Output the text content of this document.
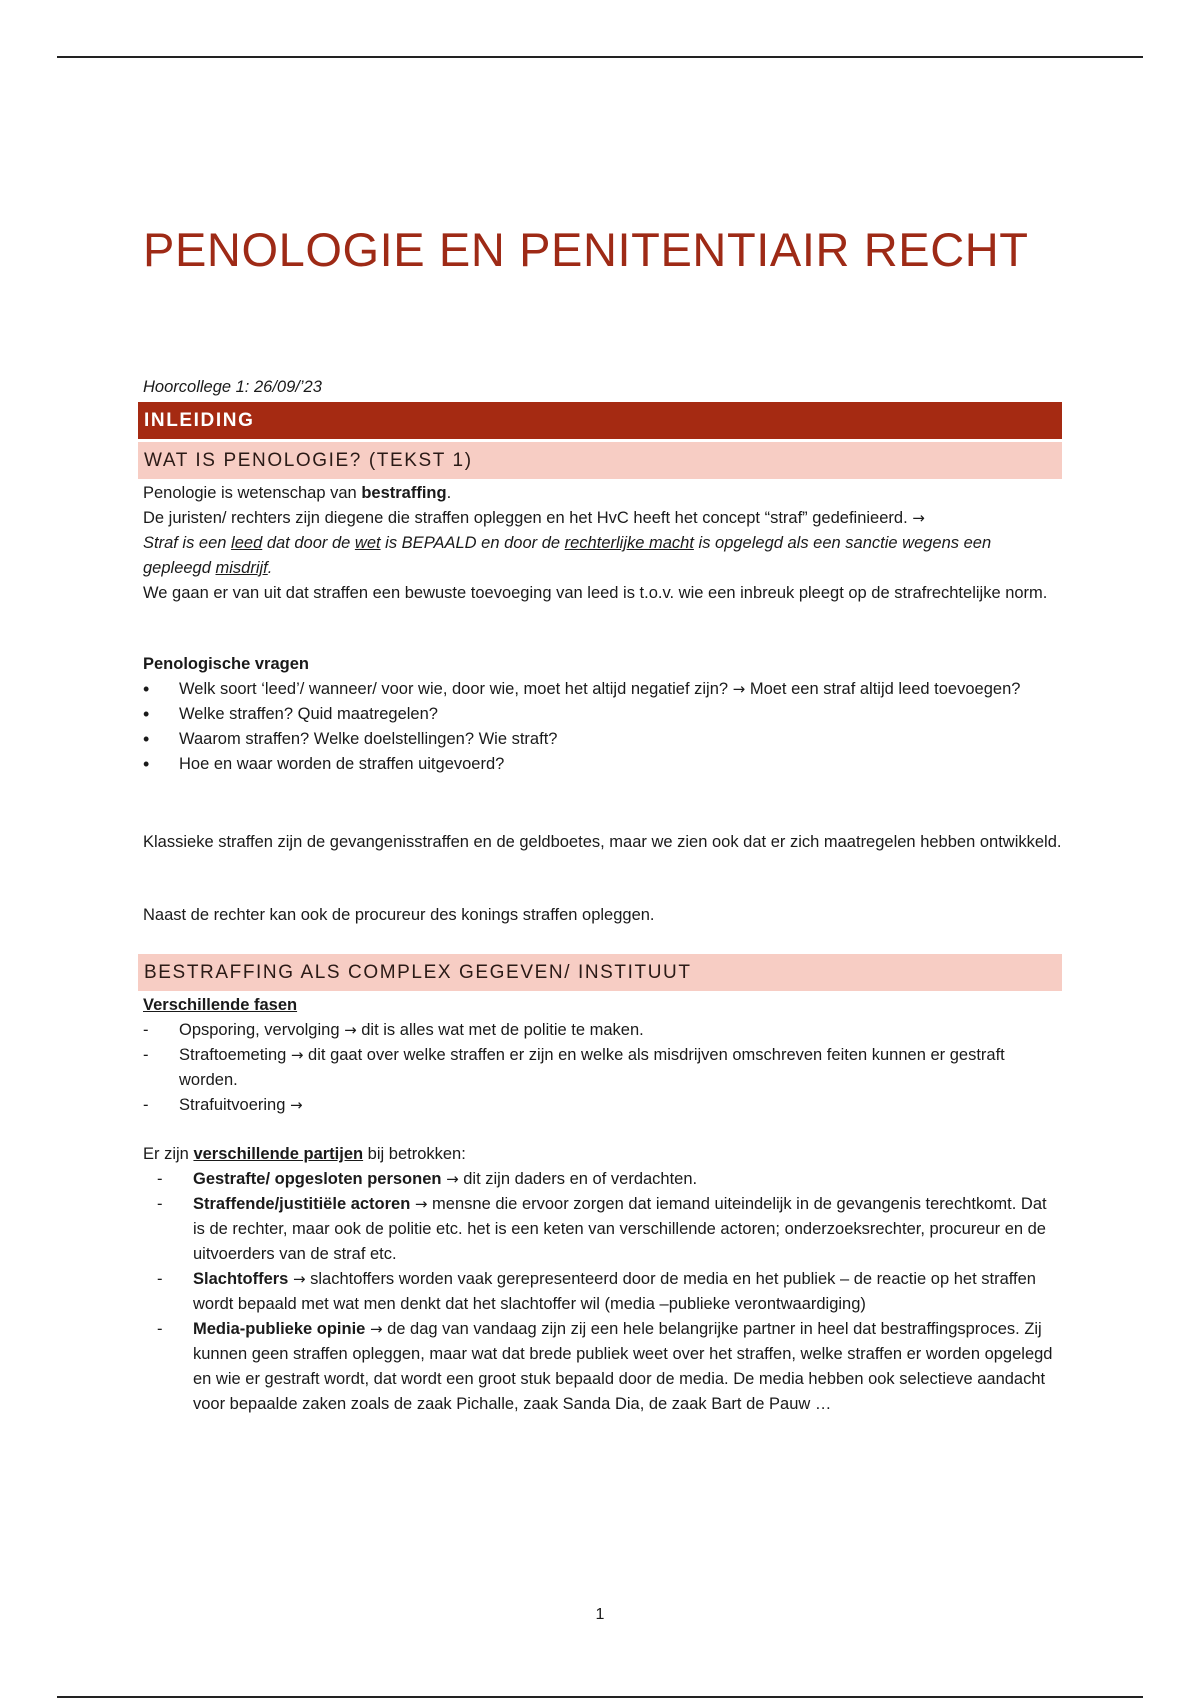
PENOLOGIE EN PENITENTIAIR RECHT
Hoorcollege 1: 26/09/’23
INLEIDING
WAT IS PENOLOGIE? (TEKST 1)

Penologie is wetenschap van bestraffing.

De juristen/ rechters zijn diegene die straffen opleggen en het HvC heeft het concept “straf” gedefinieerd. →

Straf is een leed dat door de wet is BEPAALD en door de rechterlijke macht is opgelegd als een sanctie wegens een gepleegd misdrijf.

We gaan er van uit dat straffen een bewuste toevoeging van leed is t.o.v. wie een inbreuk pleegt op de strafrechtelijke norm.

Penologische vragen

• Welk soort ‘leed’/ wanneer/ voor wie, door wie, moet het altijd negatief zijn? → Moet een straf altijd leed toevoegen?
• Welke straffen? Quid maatregelen?
• Waarom straffen? Welke doelstellingen? Wie straft?
• Hoe en waar worden de straffen uitgevoerd?
Klassieke straffen zijn de gevangenisstraffen en de geldboetes, maar we zien ook dat er zich maatregelen hebben ontwikkeld.
Naast de rechter kan ook de procureur des konings straffen opleggen.
BESTRAFFING ALS COMPLEX GEGEVEN/ INSTITUUT

Verschillende fasen

- Opsporing, vervolging → dit is alles wat met de politie te maken.
- Straftoemeting → dit gaat over welke straffen er zijn en welke als misdrijven omschreven feiten kunnen er gestraft worden.
- Strafuitvoering →

Er zijn verschillende partijen bij betrokken:

- Gestrafte/ opgesloten personen → dit zijn daders en of verdachten.
- Straffende/justitiële actoren → mensne die ervoor zorgen dat iemand uiteindelijk in de gevangenis terechtkomt. Dat is de rechter, maar ook de politie etc. het is een keten van verschillende actoren; onderzoeksrechter, procureur en de uitvoerders van de straf etc.
- Slachtoffers → slachtoffers worden vaak gerepresenteerd door de media en het publiek – de reactie op het straffen wordt bepaald met wat men denkt dat het slachtoffer wil (media –publieke verontwaardiging)
- Media-publieke opinie → de dag van vandaag zijn zij een hele belangrijke partner in heel dat bestraffingsproces. Zij kunnen geen straffen opleggen, maar wat dat brede publiek weet over het straffen, welke straffen er worden opgelegd en wie er gestraft wordt, dat wordt een groot stuk bepaald door de media. De media hebben ook selectieve aandacht voor bepaalde zaken zoals de zaak Pichalle, zaak Sanda Dia, de zaak Bart de Pauw …
1
